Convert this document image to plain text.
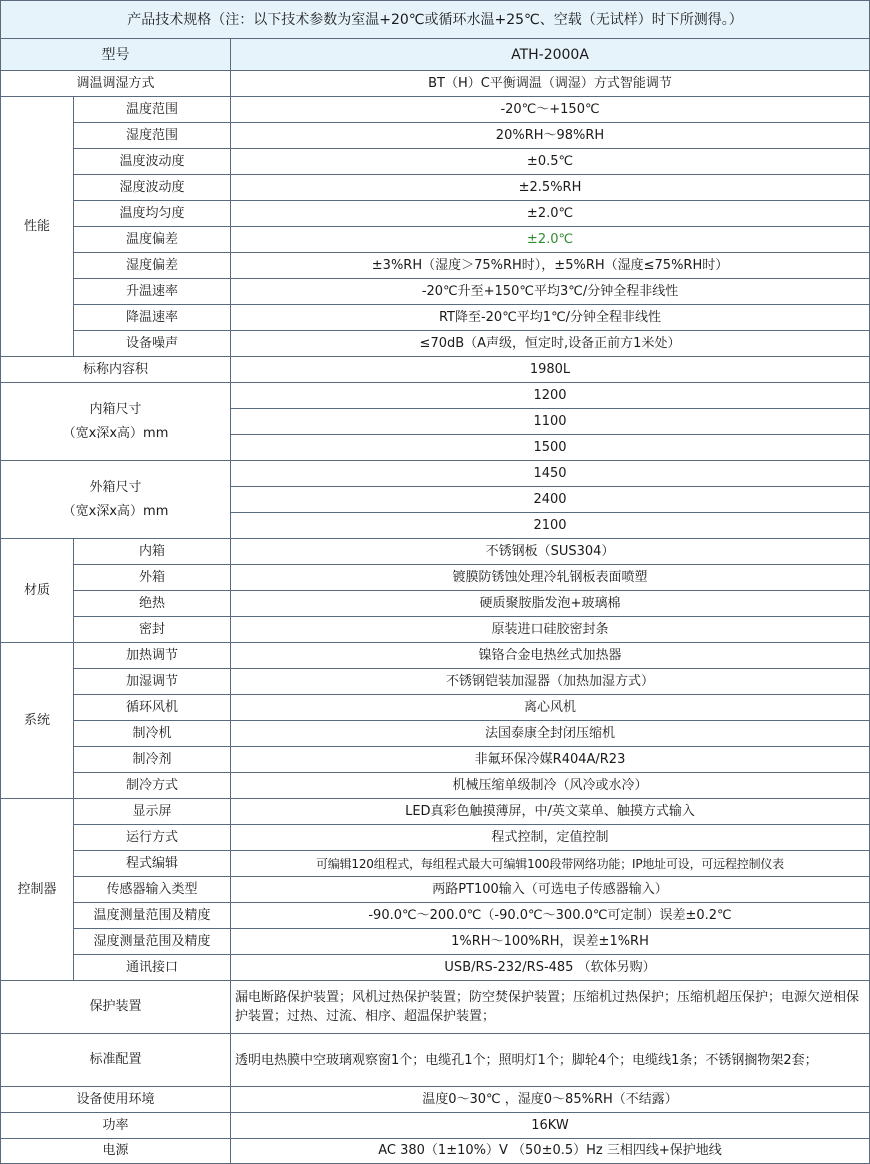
产品技术规格（注：以下技术参数为室温+20℃或循环水温+25℃、空载（无试样）时下所测得。）		
型号		ATH-2000A
调温调湿方式		BT（H）C平衡调温（调湿）方式智能调节
性能	温度范围	-20℃～+150℃
	湿度范围	20%RH～98%RH
	温度波动度	±0.5℃
	湿度波动度	±2.5%RH
	温度均匀度	±2.0℃
	温度偏差	±2.0℃
	湿度偏差	±3%RH（湿度＞75%RH时），±5%RH（湿度≤75%RH时）
	升温速率	-20℃升至+150℃平均3℃/分钟全程非线性
	降温速率	RT降至-20℃平均1℃/分钟全程非线性
	设备噪声	≤70dB（A声级，恒定时,设备正前方1米处）
标称内容积		1980L
内箱尺寸
（宽x深x高）mm		1200
		1100
		1500
外箱尺寸
（宽x深x高）mm		1450
		2400
		2100
材质	内箱	不锈钢板（SUS304）
	外箱	镀膜防锈蚀处理冷轧钢板表面喷塑
	绝热	硬质聚胺脂发泡+玻璃棉
	密封	原装进口硅胶密封条
系统	加热调节	镍铬合金电热丝式加热器
	加湿调节	不锈钢铠装加湿器（加热加湿方式）
	循环风机	离心风机
	制冷机	法国泰康全封闭压缩机
	制冷剂	非氟环保冷媒R404A/R23
	制冷方式	机械压缩单级制冷（风冷或水冷）
控制器	显示屏	LED真彩色触摸薄屏，中/英文菜单、触摸方式输入
	运行方式	程式控制，定值控制
	程式编辑	可编辑120组程式，每组程式最大可编辑100段带网络功能；IP地址可设，可远程控制仪表
	传感器输入类型	两路PT100输入（可选电子传感器输入）
	温度测量范围及精度	-90.0℃～200.0℃（-90.0℃～300.0℃可定制）误差±0.2℃
	湿度测量范围及精度	1%RH～100%RH，误差±1%RH
	通讯接口	USB/RS-232/RS-485 （软体另购）
保护装置		漏电断路保护装置；风机过热保护装置；防空焚保护装置；压缩机过热保护；压缩机超压保护；电源欠逆相保护装置；过热、过流、相序、超温保护装置；
标准配置		透明电热膜中空玻璃观察窗1个；电缆孔1个；照明灯1个；脚轮4个；电缆线1条；不锈钢搁物架2套；
设备使用环境		温度0～30℃ ，湿度0～85%RH（不结露）
功率		16KW
电源		AC 380（1±10%）V （50±0.5）Hz 三相四线+保护地线
